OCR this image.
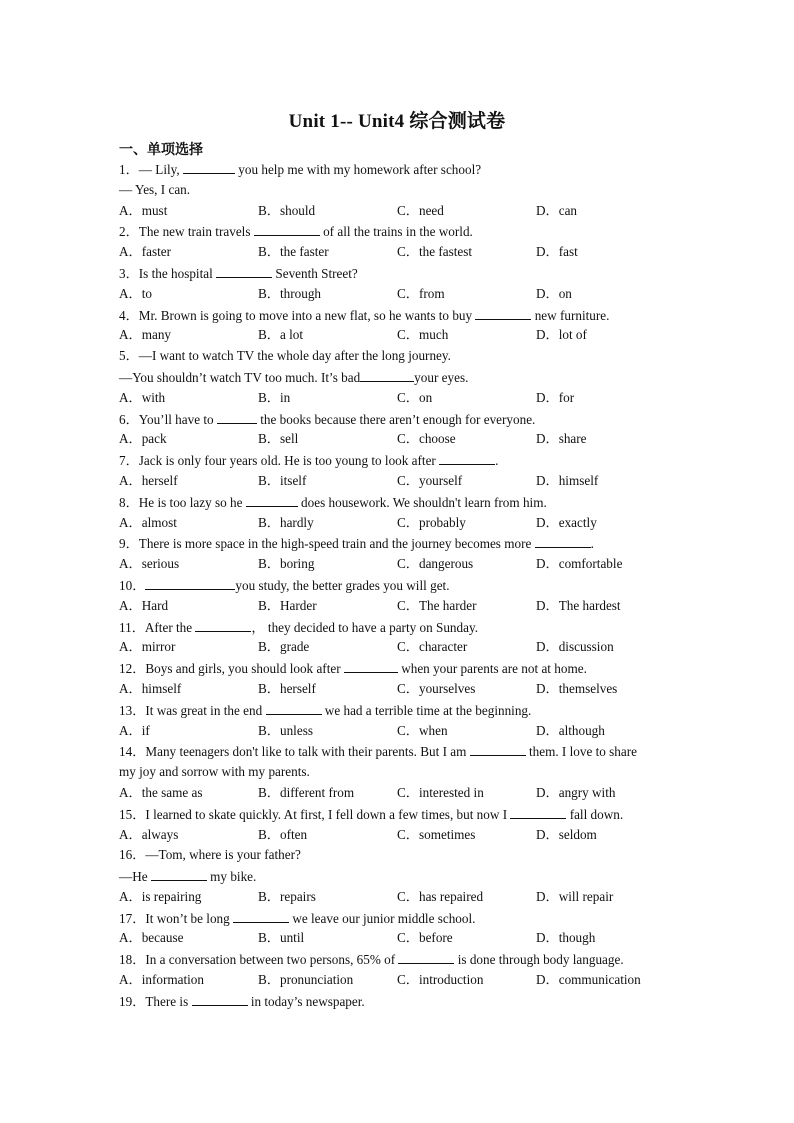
Unit 1-- Unit4 综合测试卷
一、单项选择
1．— Lily,	you help me with my homework after school?
— Yes, I can.
A．must	B．should	C．need	D．can
2．The new train travels	of all the trains in the world.
A．faster	B．the faster	C．the fastest	D．fast
3．Is the hospital	Seventh Street?
A．to	B．through	C．from	D．on
4．Mr. Brown is going to move into a new flat, so he wants to buy	new furniture.
A．many	B．a lot	C．much	D．lot of
5．—I want to watch TV the whole day after the long journey.
—You shouldn’t watch TV too much. It’s bad	your eyes.
A．with	B．in	C．on	D．for
6．You’ll have to	the books because there aren’t enough for everyone.
A．pack	B．sell	C．choose	D．share
7．Jack is only four years old. He is too young to look after	.
A．herself	B．itself	C．yourself	D．himself
8．He is too lazy so he	does housework. We shouldn't learn from him.
A．almost	B．hardly	C．probably	D．exactly
9．There is more space in the high-speed train and the journey becomes more	.
A．serious	B．boring	C．dangerous	D．comfortable
10．	you study, the better grades you will get.
A．Hard	B．Harder	C．The harder	D．The hardest
11．After the	， they decided to have a party on Sunday.
A．mirror	B．grade	C．character	D．discussion
12．Boys and girls, you should look after	when your parents are not at home.
A．himself	B．herself	C．yourselves	D．themselves
13．It was great in the end	we had a terrible time at the beginning.
A．if	B．unless	C．when	D．although
14．Many teenagers don't like to talk with their parents. But I am	them. I love to share
my joy and sorrow with my parents.
A．the same as	B．different from	C．interested in	D．angry with
15．I learned to skate quickly. At first, I fell down a few times, but now I	fall down.
A．always	B．often	C．sometimes	D．seldom
16．—Tom, where is your father?
—He	my bike.
A．is repairing	B．repairs	C．has repaired	D．will repair
17．It won’t be long	we leave our junior middle school.
A．because	B．until	C．before	D．though
18．In a conversation between two persons, 65% of	is done through body language.
A．information	B．pronunciation	C．introduction	D．communication
19．There is	in today’s newspaper.
